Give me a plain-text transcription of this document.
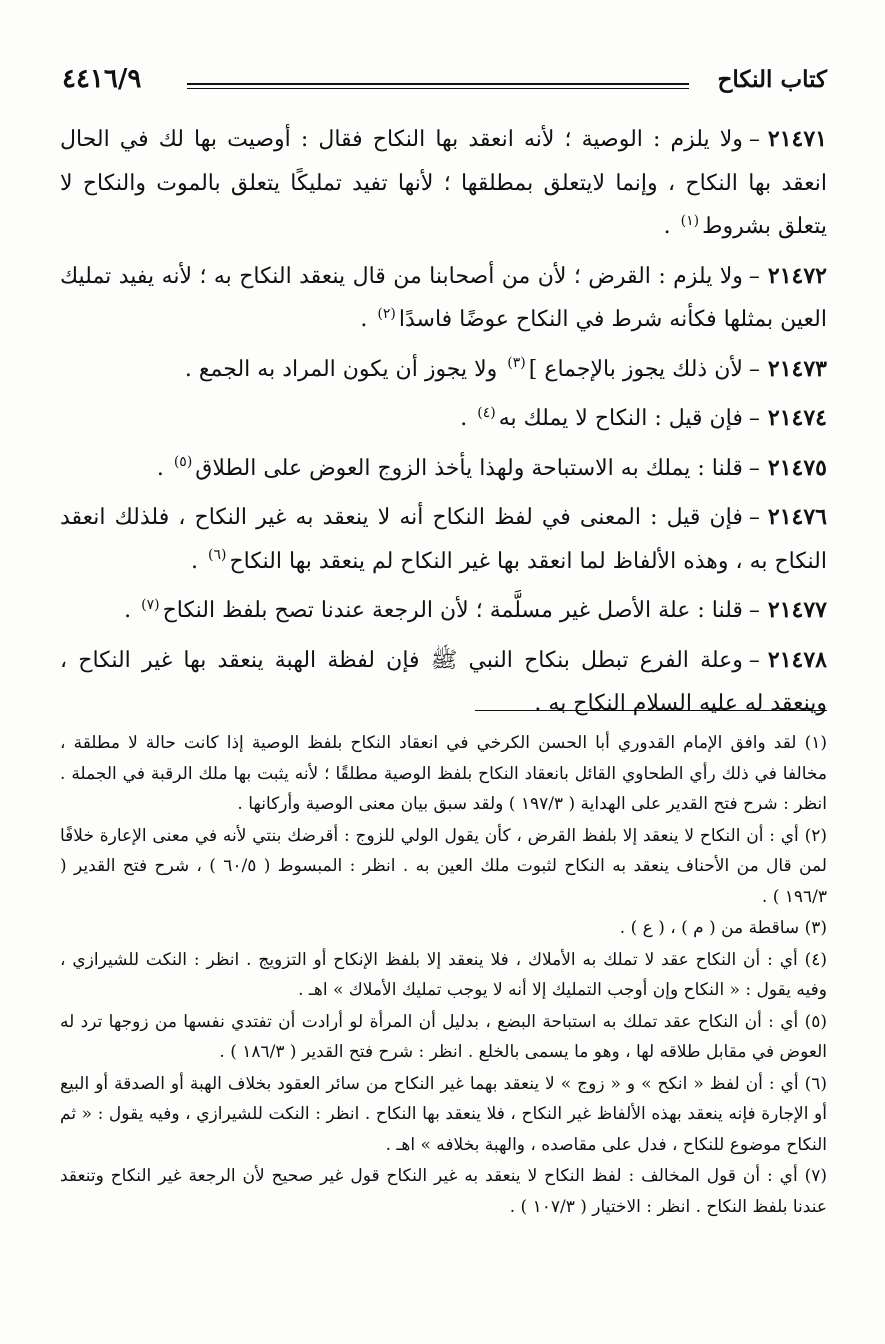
كتاب النكاح
٤٤١٦/٩

٢١٤٧١–ولا يلزم : الوصية ؛ لأنه انعقد بها النكاح فقال : أوصيت بها لك في الحال انعقد بها النكاح ، وإنما لايتعلق بمطلقها ؛ لأنها تفيد تمليكًا يتعلق بالموت والنكاح لا يتعلق بشروط$^{(١)}$ .

٢١٤٧٢–ولا يلزم : القرض ؛ لأن من أصحابنا من قال ينعقد النكاح به ؛ لأنه يفيد تمليك العين بمثلها فكأنه شرط في النكاح عوضًا فاسدًا$^{(٢)}$ .

٢١٤٧٣–لأن ذلك يجوز بالإجماع ]$^{(٣)}$ ولا يجوز أن يكون المراد به الجمع .

٢١٤٧٤–فإن قيل : النكاح لا يملك به$^{(٤)}$ .

٢١٤٧٥–قلنا : يملك به الاستباحة ولهذا يأخذ الزوج العوض على الطلاق$^{(٥)}$ .

٢١٤٧٦–فإن قيل : المعنى في لفظ النكاح أنه لا ينعقد به غير النكاح ، فلذلك انعقد النكاح به ، وهذه الألفاظ لما انعقد بها غير النكاح لم ينعقد بها النكاح$^{(٦)}$ .

٢١٤٧٧–قلنا : علة الأصل غير مسلَّمة ؛ لأن الرجعة عندنا تصح بلفظ النكاح$^{(٧)}$ .

٢١٤٧٨–وعلة الفرع تبطل بنكاح النبي ﷺ فإن لفظة الهبة ينعقد بها غير النكاح ، وينعقد له عليه السلام النكاح به .

(١) لقد وافق الإمام القدوري أبا الحسن الكرخي في انعقاد النكاح بلفظ الوصية إذا كانت حالة لا مطلقة ، مخالفا في ذلك رأي الطحاوي القائل بانعقاد النكاح بلفظ الوصية مطلقًا ؛ لأنه يثبت بها ملك الرقبة في الجملة . انظر : شرح فتح القدير على الهداية ( ١٩٧/٣ ) ولقد سبق بيان معنى الوصية وأركانها .

(٢) أي : أن النكاح لا ينعقد إلا بلفظ القرض ، كأن يقول الولي للزوج : أقرضك بنتي لأنه في معنى الإعارة خلافًا لمن قال من الأحناف ينعقد به النكاح لثبوت ملك العين به . انظر : المبسوط ( ٦٠/٥ ) ، شرح فتح القدير ( ١٩٦/٣ ) .

(٣) ساقطة من ( م ) ، ( ع ) .

(٤) أي : أن النكاح عقد لا تملك به الأملاك ، فلا ينعقد إلا بلفظ الإنكاح أو التزويج . انظر : النكت للشيرازي ، وفيه يقول : « النكاح وإن أوجب التمليك إلا أنه لا يوجب تمليك الأملاك » اهـ .

(٥) أي : أن النكاح عقد تملك به استباحة البضع ، بدليل أن المرأة لو أرادت أن تفتدي نفسها من زوجها ترد له العوض في مقابل طلاقه لها ، وهو ما يسمى بالخلع . انظر : شرح فتح القدير ( ١٨٦/٣ ) .

(٦) أي : أن لفظ « انكح » و « زوج » لا ينعقد بهما غير النكاح من سائر العقود بخلاف الهبة أو الصدقة أو البيع أو الإجارة فإنه ينعقد بهذه الألفاظ غير النكاح ، فلا ينعقد بها النكاح . انظر : النكت للشيرازي ، وفيه يقول : « ثم النكاح موضوع للنكاح ، فدل على مقاصده ، والهبة بخلافه » اهـ .

(٧) أي : أن قول المخالف : لفظ النكاح لا ينعقد به غير النكاح قول غير صحيح لأن الرجعة غير النكاح وتنعقد عندنا بلفظ النكاح . انظر : الاختيار ( ١٠٧/٣ ) .
